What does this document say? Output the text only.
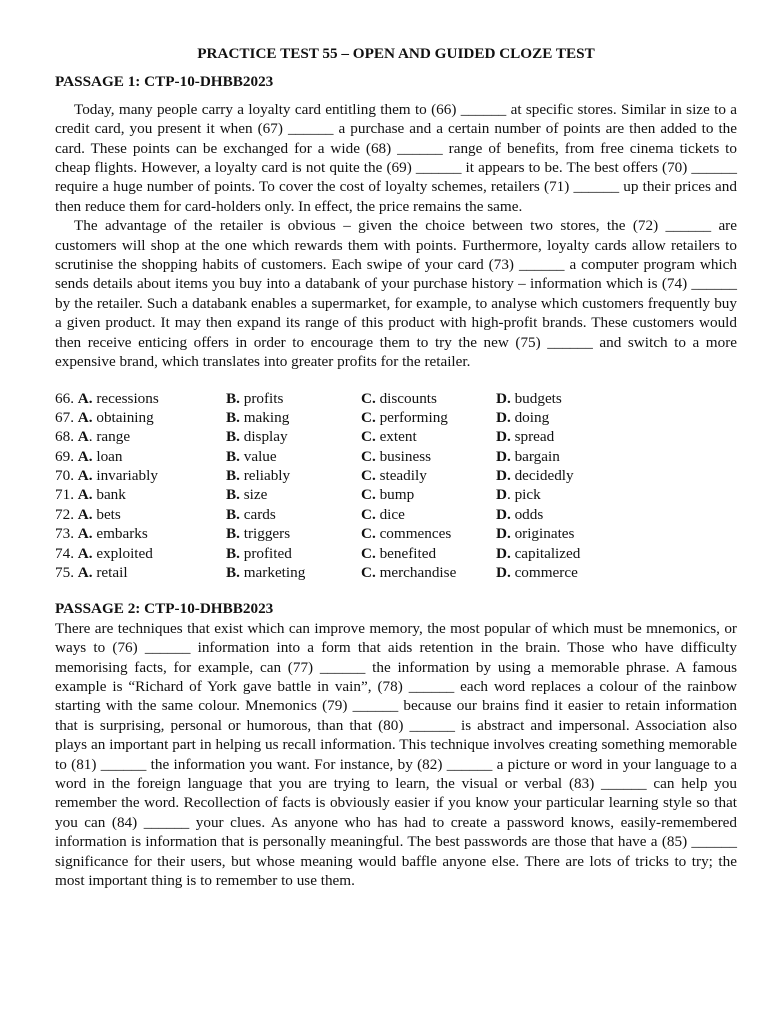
PRACTICE TEST 55 – OPEN AND GUIDED CLOZE TEST
PASSAGE 1: CTP-10-DHBB2023

Today, many people carry a loyalty card entitling them to (66) ______ at specific stores. Similar in size to a credit card, you present it when (67) ______ a purchase and a certain number of points are then added to the card. These points can be exchanged for a wide (68) ______ range of benefits, from free cinema tickets to cheap flights. However, a loyalty card is not quite the (69) ______ it appears to be. The best offers (70) ______ require a huge number of points. To cover the cost of loyalty schemes, retailers (71) ______ up their prices and then reduce them for card-holders only. In effect, the price remains the same.

The advantage of the retailer is obvious – given the choice between two stores, the (72) ______ are customers will shop at the one which rewards them with points. Furthermore, loyalty cards allow retailers to scrutinise the shopping habits of customers. Each swipe of your card (73) ______ a computer program which sends details about items you buy into a databank of your purchase history – information which is (74) ______ by the retailer. Such a databank enables a supermarket, for example, to analyse which customers frequently buy a given product. It may then expand its range of this product with high-profit brands. These customers would then receive enticing offers in order to encourage them to try the new (75) ______ and switch to a more expensive brand, which translates into greater profits for the retailer.

66. A. recessions	B. profits	C. discounts	D. budgets
67. A. obtaining	B. making	C. performing	D. doing
68. A. range	B. display	C. extent	D. spread
69. A. loan	B. value	C. business	D. bargain
70. A. invariably	B. reliably	C. steadily	D. decidedly
71. A. bank	B. size	C. bump	D. pick
72. A. bets	B. cards	C. dice	D. odds
73. A. embarks	B. triggers	C. commences	D. originates
74. A. exploited	B. profited	C. benefited	D. capitalized
75. A. retail	B. marketing	C. merchandise	D. commerce
PASSAGE 2: CTP-10-DHBB2023

There are techniques that exist which can improve memory, the most popular of which must be mnemonics, or ways to (76) ______ information into a form that aids retention in the brain. Those who have difficulty memorising facts, for example, can (77) ______ the information by using a memorable phrase. A famous example is “Richard of York gave battle in vain”, (78) ______ each word replaces a colour of the rainbow starting with the same colour. Mnemonics (79) ______ because our brains find it easier to retain information that is surprising, personal or humorous, than that (80) ______ is abstract and impersonal. Association also plays an important part in helping us recall information. This technique involves creating something memorable to (81) ______ the information you want. For instance, by (82) ______ a picture or word in your language to a word in the foreign language that you are trying to learn, the visual or verbal (83) ______ can help you remember the word. Recollection of facts is obviously easier if you know your particular learning style so that you can (84) ______ your clues. As anyone who has had to create a password knows, easily-remembered information is information that is personally meaningful. The best passwords are those that have a (85) ______ significance for their users, but whose meaning would baffle anyone else. There are lots of tricks to try; the most important thing is to remember to use them.
